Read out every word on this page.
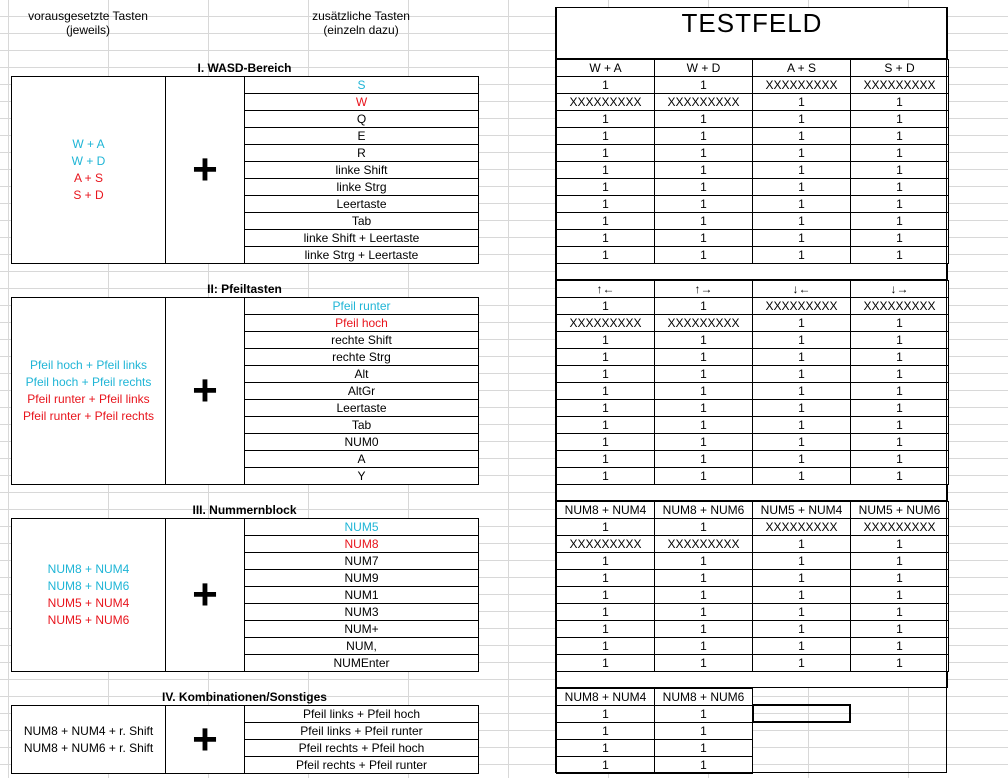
vorausgesetzte Tasten
(jeweils)
zusätzliche Tasten
(einzeln dazu)	TESTFELD
I. WASD-Bereich
W + A
W + D
A + S
S + D
+
S
W
Q
E
R
linke Shift
linke Strg
Leertaste
Tab
linke Shift + Leertaste
linke Strg + Leertaste
W + A	W + D	A + S	S + D
1	1	XXXXXXXXX	XXXXXXXXX
XXXXXXXXX	XXXXXXXXX	1	1
1	1	1	1
1	1	1	1
1	1	1	1
1	1	1	1
1	1	1	1
1	1	1	1
1	1	1	1
1	1	1	1
1	1	1	1
II: Pfeiltasten
Pfeil hoch + Pfeil links
Pfeil hoch + Pfeil rechts
Pfeil runter + Pfeil links
Pfeil runter + Pfeil rechts
+
Pfeil runter
Pfeil hoch
rechte Shift
rechte Strg
Alt
AltGr
Leertaste
Tab
NUM0
A
Y
↑←	↑→	↓←	↓→
1	1	XXXXXXXXX	XXXXXXXXX
XXXXXXXXX	XXXXXXXXX	1	1
1	1	1	1
1	1	1	1
1	1	1	1
1	1	1	1
1	1	1	1
1	1	1	1
1	1	1	1
1	1	1	1
1	1	1	1
III. Nummernblock
NUM8 + NUM4
NUM8 + NUM6
NUM5 + NUM4
NUM5 + NUM6
+
NUM5
NUM8
NUM7
NUM9
NUM1
NUM3
NUM+
NUM,
NUMEnter
NUM8 + NUM4	NUM8 + NUM6	NUM5 + NUM4	NUM5 + NUM6
1	1	XXXXXXXXX	XXXXXXXXX
XXXXXXXXX	XXXXXXXXX	1	1
1	1	1	1
1	1	1	1
1	1	1	1
1	1	1	1
1	1	1	1
1	1	1	1
1	1	1	1
IV. Kombinationen/Sonstiges
NUM8 + NUM4 + r. Shift
NUM8 + NUM6 + r. Shift +
Pfeil links + Pfeil hoch
Pfeil links + Pfeil runter
Pfeil rechts + Pfeil hoch
Pfeil rechts + Pfeil runter
NUM8 + NUM4	NUM8 + NUM6
1	1
1	1
1	1
1	1
